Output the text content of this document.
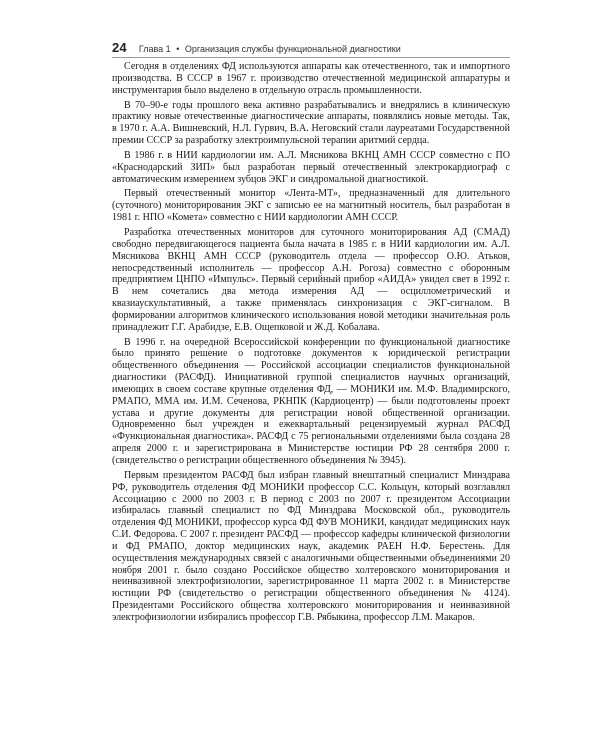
24 Глава 1 • Организация службы функциональной диагностики

Сегодня в отделениях ФД используются аппараты как отечественного, так и импортного производства. В СССР в 1967 г. производство отечественной медицинской аппаратуры и инструментария было выделено в отдельную отрасль промышленности.

В 70–90-е годы прошлого века активно разрабатывались и внедрялись в клиническую практику новые отечественные диагностические аппараты, появлялись новые методы. Так, в 1970 г. А.А. Вишневский, Н.Л. Гурвич, В.А. Неговский стали лауреатами Государственной премии СССР за разработку электроимпульсной терапии аритмий сердца.

В 1986 г. в НИИ кардиологии им. А.Л. Мясникова ВКНЦ АМН СССР совместно с ПО «Краснодарский ЗИП» был разработан первый отечественный электрокардиограф с автоматическим измерением зубцов ЭКГ и синдромальной диагностикой.

Первый отечественный монитор «Лента-МТ», предназначенный для длительного (суточного) мониторирования ЭКГ с записью ее на магнитный носитель, был разработан в 1981 г. НПО «Комета» совместно с НИИ кардиологии АМН СССР.

Разработка отечественных мониторов для суточного мониторирования АД (СМАД) свободно передвигающегося пациента была начата в 1985 г. в НИИ кардиологии им. А.Л. Мясникова ВКНЦ АМН СССР (руководитель отдела — профессор О.Ю. Атьков, непосредственный исполнитель — профессор А.Н. Рогоза) совместно с оборонным предприятием ЦНПО «Импульс». Первый серийный прибор «АИДА» увидел свет в 1992 г. В нем сочетались два метода измерения АД — осциллометрический и квазиаускультативный, а также применялась синхронизация с ЭКГ-сигналом. В формировании алгоритмов клинического использования новой методики значительная роль принадлежит Г.Г. Арабидзе, Е.В. Ощепковой и Ж.Д. Кобалава.

В 1996 г. на очередной Всероссийской конференции по функциональной диагностике было принято решение о подготовке документов к юридической регистрации общественного объединения — Российской ассоциации специалистов функциональной диагностики (РАСФД). Инициативной группой специалистов научных организаций, имеющих в своем составе крупные отделения ФД, — МОНИКИ им. М.Ф. Владимирского, РМАПО, ММА им. И.М. Сеченова, РКНПК (Кардиоцентр) — были подготовлены проект устава и другие документы для регистрации новой общественной организации. Одновременно был учрежден и ежеквартальный рецензируемый журнал РАСФД «Функциональная диагностика». РАСФД с 75 региональными отделениями была создана 28 апреля 2000 г. и зарегистрирована в Министерстве юстиции РФ 28 сентября 2000 г. (свидетельство о регистрации общественного объединения № 3945).

Первым президентом РАСФД был избран главный внештатный специалист Минздрава РФ, руководитель отделения ФД МОНИКИ профессор С.С. Кольцун, который возглавлял Ассоциацию с 2000 по 2003 г. В период с 2003 по 2007 г. президентом Ассоциации избиралась главный специалист по ФД Минздрава Московской обл., руководитель отделения ФД МОНИКИ, профессор курса ФД ФУВ МОНИКИ, кандидат медицинских наук С.И. Федорова. С 2007 г. президент РАСФД — профессор кафедры клинической физиологии и ФД РМАПО, доктор медицинских наук, академик РАЕН Н.Ф. Берестень. Для осуществления международных связей с аналогичными общественными объединениями 20 ноября 2001 г. было создано Российское общество холтеровского мониторирования и неинвазивной электрофизиологии, зарегистрированное 11 марта 2002 г. в Министерстве юстиции РФ (свидетельство о регистрации общественного объединения № 4124). Президентами Российского общества холтеровского мониторирования и неинвазивной электрофизиологии избирались профессор Г.В. Рябыкина, профессор Л.М. Макаров.
